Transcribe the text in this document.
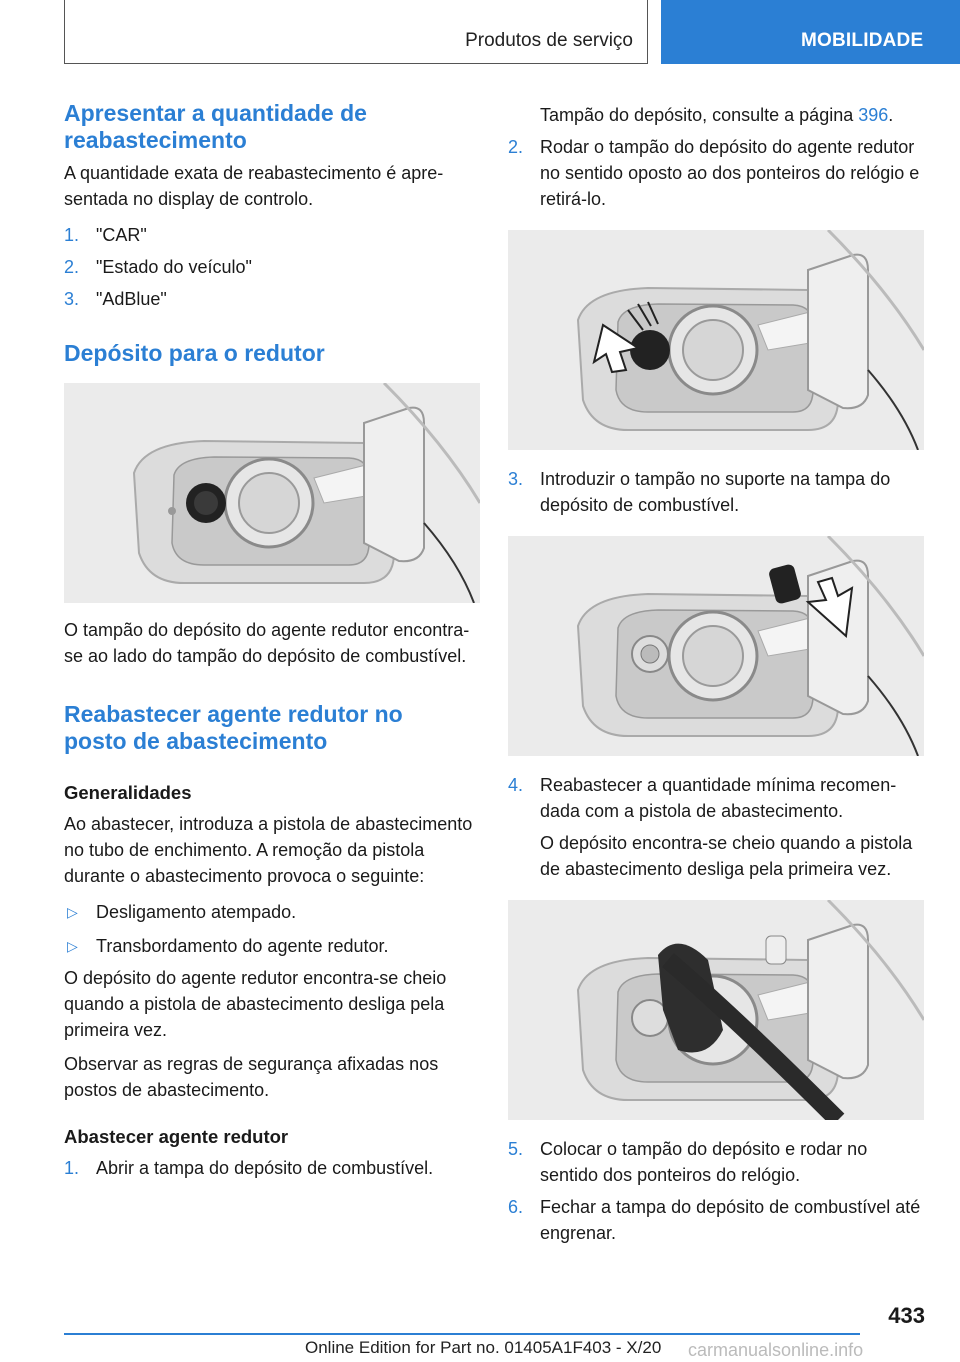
Produtos de serviço	MOBILIDADE
Apresentar a quantidade de reabastecimento

A quantidade exata de reabastecimento é apresentada no display de controlo.

1. "CAR"
2. "Estado do veículo"
3. "AdBlue"
Depósito para o redutor

O tampão do depósito do agente redutor encontra-se ao lado do tampão do depósito de combustível.

Reabastecer agente redutor no posto de abastecimento
Generalidades

Ao abastecer, introduza a pistola de abastecimento no tubo de enchimento. A remoção da pistola durante o abastecimento provoca o seguinte:

▷ Desligamento atempado.
▷ Transbordamento do agente redutor.

O depósito do agente redutor encontra-se cheio quando a pistola de abastecimento desliga pela primeira vez.

Observar as regras de segurança afixadas nos postos de abastecimento.

Abastecer agente redutor
1. Abrir a tampa do depósito de combustível.
Tampão do depósito, consulte a página 396.
2. Rodar o tampão do depósito do agente redutor no sentido oposto ao dos ponteiros do relógio e retirá-lo.
3. Introduzir o tampão no suporte na tampa do depósito de combustível.
4. Reabastecer a quantidade mínima recomendada com a pistola de abastecimento.

O depósito encontra-se cheio quando a pistola de abastecimento desliga pela primeira vez.

5. Colocar o tampão do depósito e rodar no sentido dos ponteiros do relógio.
6. Fechar a tampa do depósito de combustível até engrenar.
433
Online Edition for Part no. 01405A1F403 - X/20 carmanualsonline.info
